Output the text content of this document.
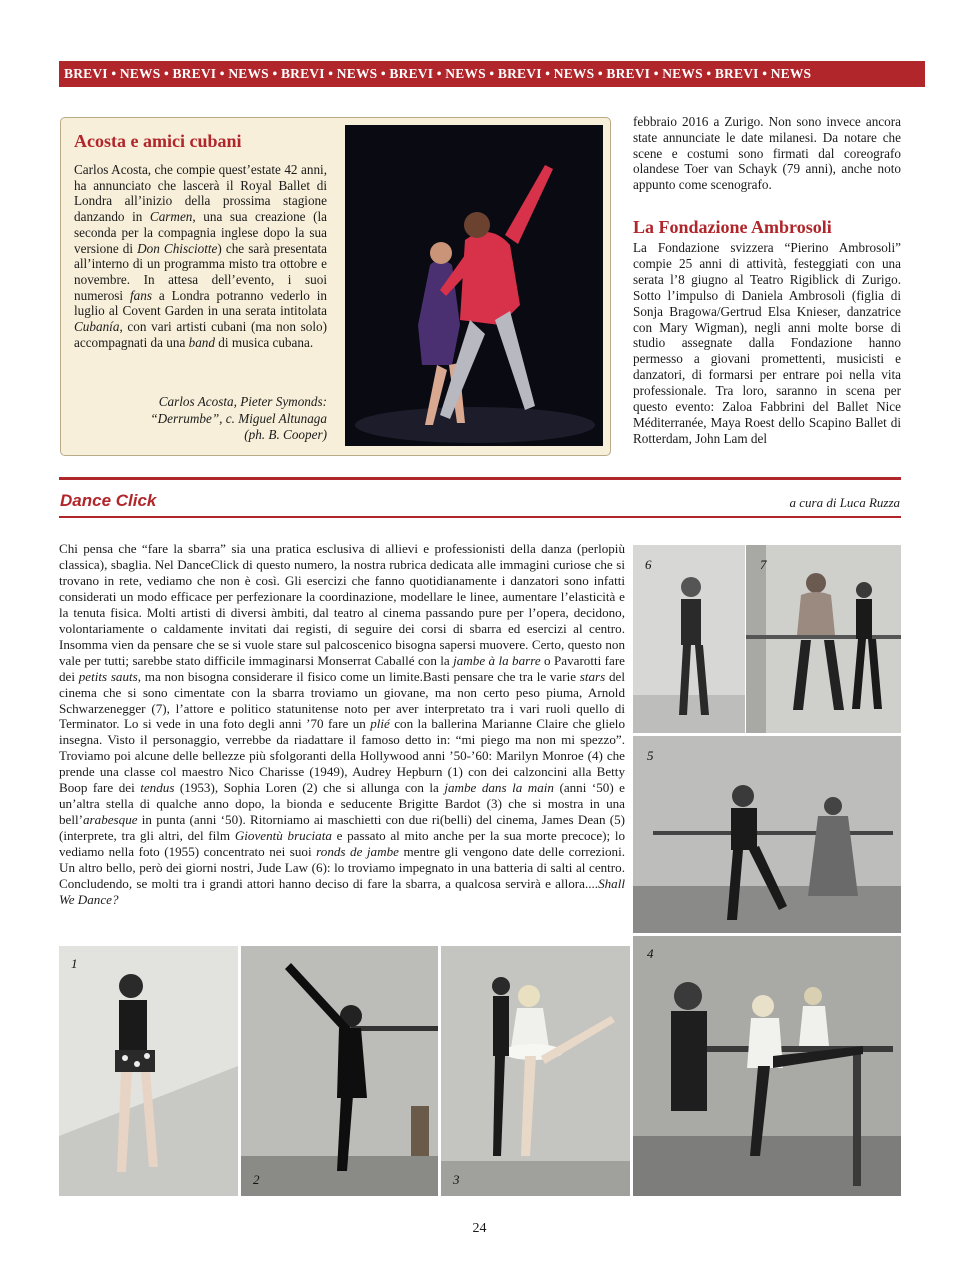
BREVI • NEWS • BREVI • NEWS • BREVI • NEWS • BREVI • NEWS • BREVI • NEWS • BREVI • NEWS • BREVI • NEWS
Acosta e amici cubani

Carlos Acosta, che compie quest’estate 42 anni, ha annunciato che lascerà il Royal Ballet di Londra all’inizio della prossima stagione danzando in Carmen, una sua creazione (la seconda per la compagnia inglese dopo la sua versione di Don Chisciotte) che sarà presentata all’interno di un programma misto tra ottobre e novembre. In attesa dell’evento, i suoi numerosi fans a Londra potranno vederlo in luglio al Covent Garden in una serata intitolata Cubanía, con vari artisti cubani (ma non solo) accompagnati da una band di musica cubana.

Carlos Acosta, Pieter Symonds:
“Derrumbe”, c. Miguel Altunaga
(ph. B. Cooper)

febbraio 2016 a Zurigo. Non sono invece ancora state annunciate le date milanesi. Da notare che scene e costumi sono firmati dal coreografo olandese Toer van Schayk (79 anni), anche noto appunto come scenografo.

La Fondazione Ambrosoli

La Fondazione svizzera “Pierino Ambrosoli” compie 25 anni di attività, festeggiati con una serata l’8 giugno al Teatro Rigiblick di Zurigo. Sotto l’impulso di Daniela Ambrosoli (figlia di Sonja Bragowa/Gertrud Elsa Knieser, danzatrice con Mary Wigman), negli anni molte borse di studio assegnate dalla Fondazione hanno permesso a giovani promettenti, musicisti e danzatori, di formarsi per entrare poi nella vita professionale. Tra loro, saranno in scena per questo evento: Zaloa Fabbrini del Ballet Nice Méditerranée, Maya Roest dello Scapino Ballet di Rotterdam, John Lam del

Dance Click	a cura di Luca Ruzza

Chi pensa che “fare la sbarra” sia una pratica esclusiva di allievi e professionisti della danza (perlopiù classica), sbaglia. Nel DanceClick di questo numero, la nostra rubrica dedicata alle immagini curiose che si trovano in rete, vediamo che non è così. Gli esercizi che fanno quotidianamente i danzatori sono infatti considerati un modo efficace per perfezionare la coordinazione, modellare le linee, aumentare l’elasticità e la tenuta fisica. Molti artisti di diversi àmbiti, dal teatro al cinema passando pure per l’opera, decidono, volontariamente o caldamente invitati dai registi, di seguire dei corsi di sbarra ed esercizi al centro. Insomma vien da pensare che se si vuole stare sul palcoscenico bisogna sapersi muovere. Certo, questo non vale per tutti; sarebbe stato difficile immaginarsi Monserrat Caballé con la jambe à la barre o Pavarotti fare dei petits sauts, ma non bisogna considerare il fisico come un limite.Basti pensare che tra le varie stars del cinema che si sono cimentate con la sbarra troviamo un giovane, ma non certo peso piuma, Arnold Schwarzenegger (7), l’attore e politico statunitense noto per aver interpretato tra i vari ruoli quello di Terminator. Lo si vede in una foto degli anni ’70 fare un plié con la ballerina Marianne Claire che glielo insegna. Visto il personaggio, verrebbe da riadattare il famoso detto in: “mi piego ma non mi spezzo”. Troviamo poi alcune delle bellezze più sfolgoranti della Hollywood anni ’50-’60: Marilyn Monroe (4) che prende una classe col maestro Nico Charisse (1949), Audrey Hepburn (1) con dei calzoncini alla Betty Boop fare dei tendus (1953), Sophia Loren (2) che si allunga con la jambe dans la main (anni ‘50) e un’altra stella di qualche anno dopo, la bionda e seducente Brigitte Bardot (3) che si mostra in una bell’arabesque in punta (anni ‘50). Ritorniamo ai maschietti con due ri(belli) del cinema, James Dean (5) (interprete, tra gli altri, del film Gioventù bruciata e passato al mito anche per la sua morte precoce); lo vediamo nella foto (1955) concentrato nei suoi ronds de jambe mentre gli vengono date delle correzioni. Un altro bello, però dei giorni nostri, Jude Law (6): lo troviamo impegnato in una batteria di salti al centro. Concludendo, se molti tra i grandi attori hanno deciso di fare la sbarra, a qualcosa servirà e allora....Shall We Dance?

6	7
5
4
1
2	3
24
